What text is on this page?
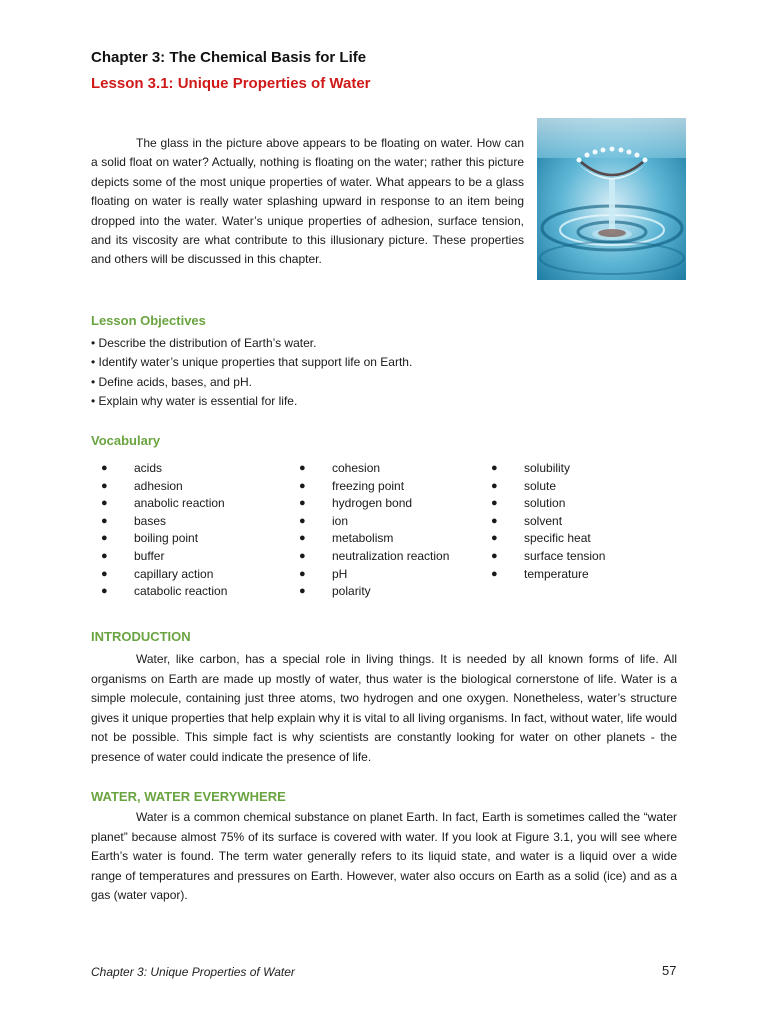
Chapter 3: The Chemical Basis for Life
Lesson 3.1: Unique Properties of Water

The glass in the picture above appears to be floating on water. How can a solid float on water? Actually, nothing is floating on the water; rather this picture depicts some of the most unique properties of water. What appears to be a glass floating on water is really water splashing upward in response to an item being dropped into the water. Water’s unique properties of adhesion, surface tension, and its viscosity are what contribute to this illusionary picture. These properties and others will be discussed in this chapter.

Lesson Objectives
• Describe the distribution of Earth’s water.
• Identify water’s unique properties that support life on Earth.
• Define acids, bases, and pH.
• Explain why water is essential for life.
Vocabulary
● acids
● adhesion
● anabolic reaction
● bases
● boiling point
● buffer
● capillary action
● catabolic reaction
● cohesion
● freezing point
● hydrogen bond
● ion
● metabolism
● neutralization reaction
● pH
● polarity
● solubility
● solute
● solution
● solvent
● specific heat
● surface tension
● temperature
INTRODUCTION

Water, like carbon, has a special role in living things. It is needed by all known forms of life. All organisms on Earth are made up mostly of water, thus water is the biological cornerstone of life. Water is a simple molecule, containing just three atoms, two hydrogen and one oxygen. Nonetheless, water’s structure gives it unique properties that help explain why it is vital to all living organisms. In fact, without water, life would not be possible. This simple fact is why scientists are constantly looking for water on other planets - the presence of water could indicate the presence of life.

WATER, WATER EVERYWHERE

Water is a common chemical substance on planet Earth. In fact, Earth is sometimes called the “water planet” because almost 75% of its surface is covered with water. If you look at Figure 3.1, you will see where Earth’s water is found. The term water generally refers to its liquid state, and water is a liquid over a wide range of temperatures and pressures on Earth. However, water also occurs on Earth as a solid (ice) and as a gas (water vapor).

Chapter 3: Unique Properties of Water	57
